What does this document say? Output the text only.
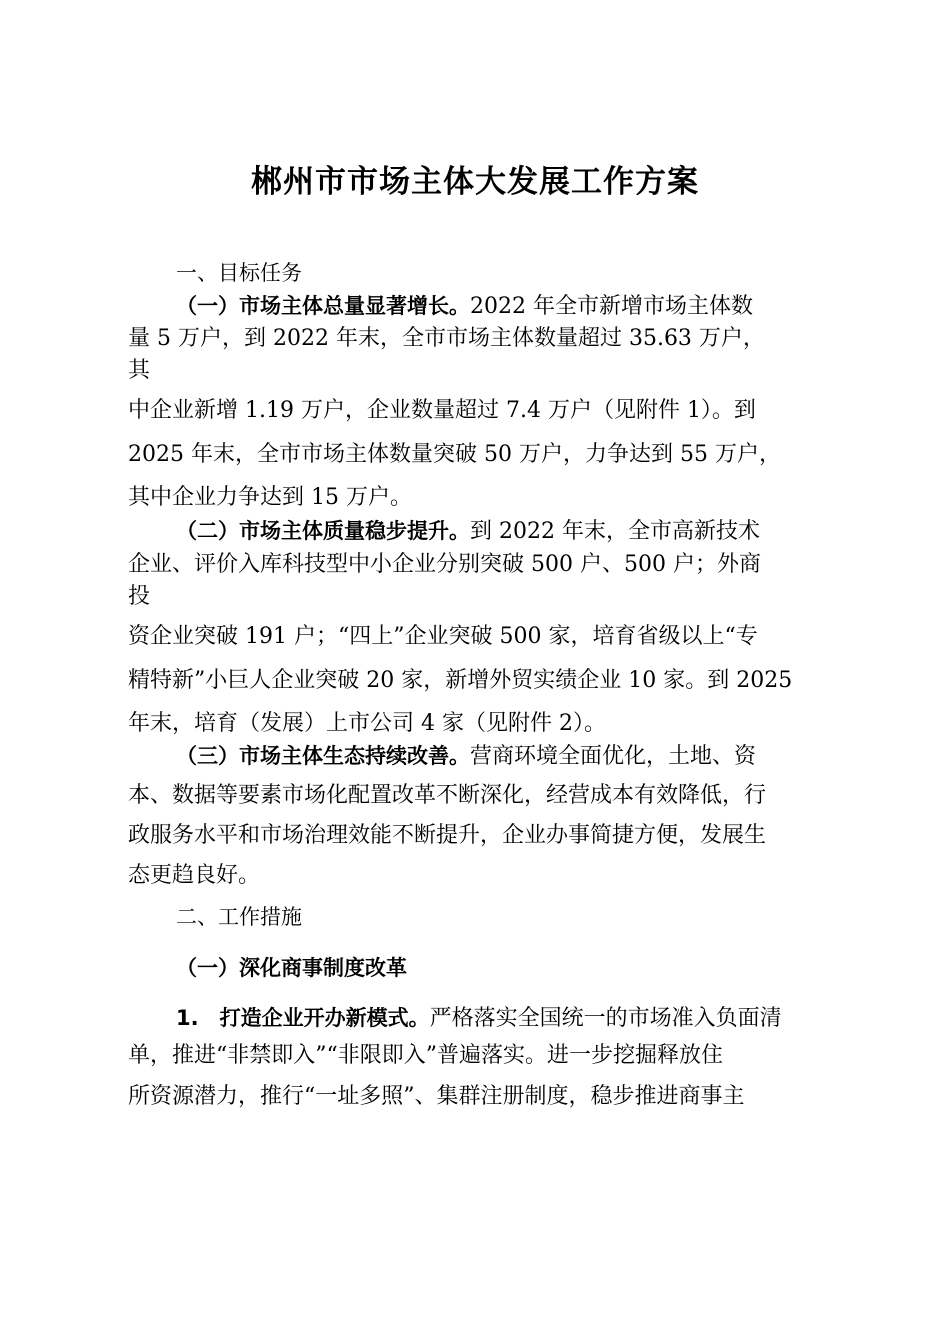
郴州市市场主体大发展工作方案
一、目标任务
（一）市场主体总量显著增长。2022 年全市新增市场主体数
量 5 万户，到 2022 年末，全市市场主体数量超过 35.63 万户，
其
中企业新增 1.19 万户，企业数量超过 7.4 万户（见附件 1）。到
2025 年末，全市市场主体数量突破 50 万户，力争达到 55 万户，
其中企业力争达到 15 万户。
（二）市场主体质量稳步提升。到 2022 年末，全市高新技术
企业、评价入库科技型中小企业分别突破 500 户、500 户；外商
投
资企业突破 191 户；“四上”企业突破 500 家，培育省级以上“专
精特新”小巨人企业突破 20 家，新增外贸实绩企业 10 家。到 2025
年末，培育（发展）上市公司 4 家（见附件 2）。
（三）市场主体生态持续改善。营商环境全面优化，土地、资
本、数据等要素市场化配置改革不断深化，经营成本有效降低，行
政服务水平和市场治理效能不断提升，企业办事简捷方便，发展生
态更趋良好。
二、工作措施
（一）深化商事制度改革
1.　打造企业开办新模式。严格落实全国统一的市场准入负面清
单，推进“非禁即入”“非限即入”普遍落实。进一步挖掘释放住
所资源潜力，推行“一址多照”、集群注册制度，稳步推进商事主
